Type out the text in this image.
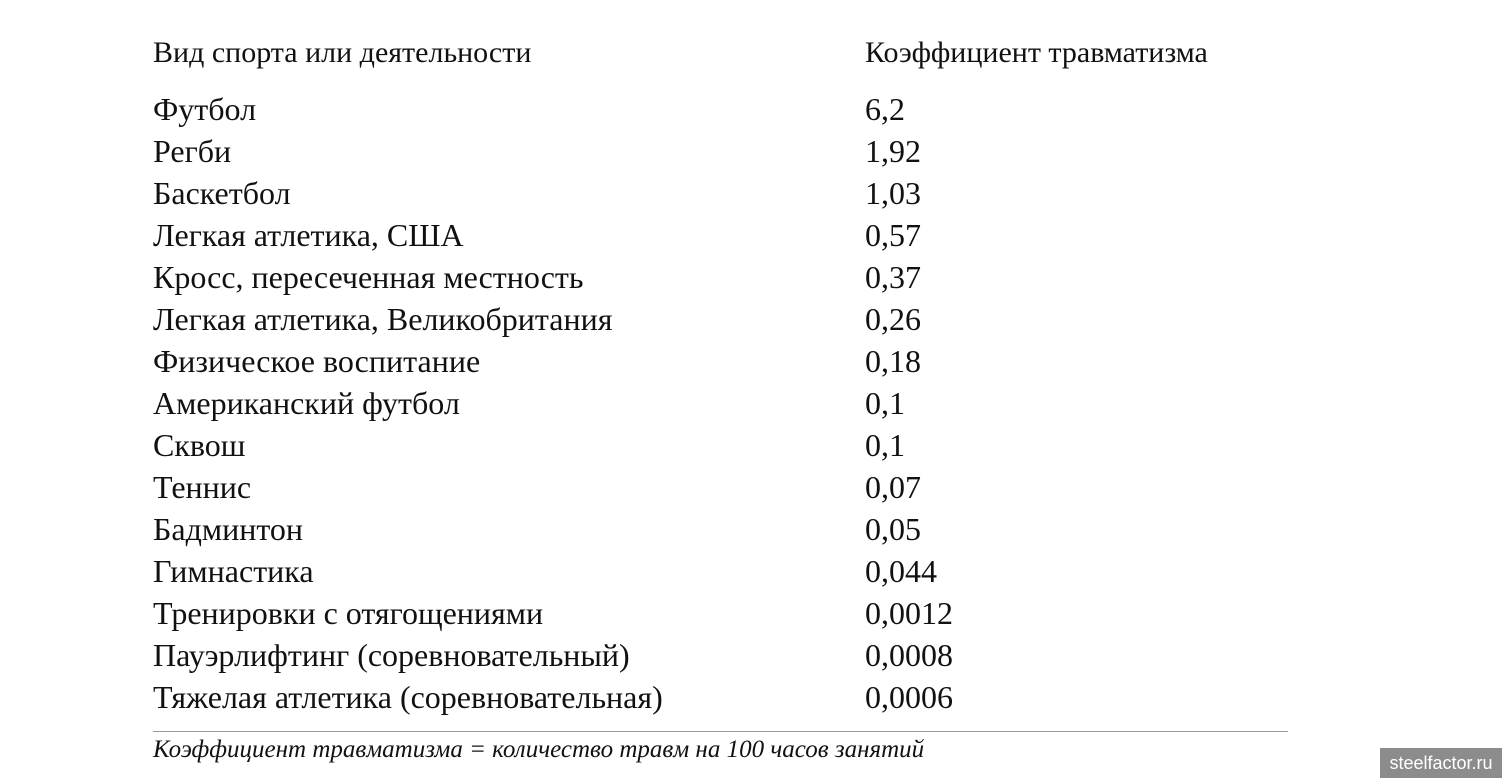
Вид спорта или деятельности	Коэффициент травматизма
Футбол	6,2
Регби	1,92
Баскетбол	1,03
Легкая атлетика, США	0,57
Кросс, пересеченная местность	0,37
Легкая атлетика, Великобритания	0,26
Физическое воспитание	0,18
Американский футбол	0,1
Сквош	0,1
Теннис	0,07
Бадминтон	0,05
Гимнастика	0,044
Тренировки с отягощениями	0,0012
Пауэрлифтинг (соревновательный)	0,0008
Тяжелая атлетика (соревновательная)	0,0006
Коэффициент травматизма = количество травм на 100 часов занятий	steelfactor.ru
